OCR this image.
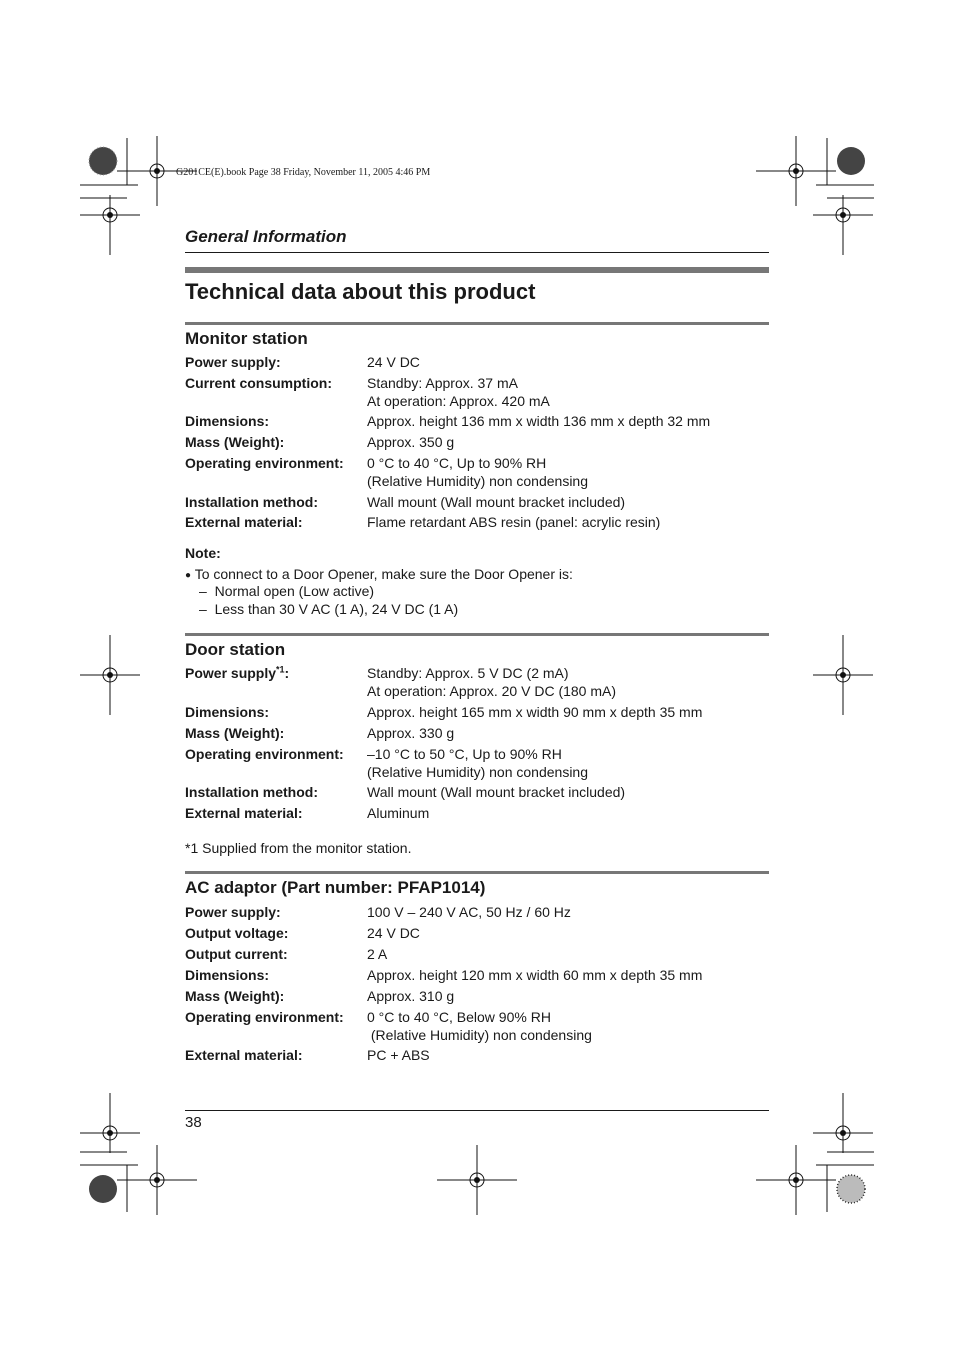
G201CE(E).book Page 38 Friday, November 11, 2005 4:46 PM
General Information
Technical data about this product
Monitor station
Power supply:	24 V DC
Current consumption:	Standby: Approx. 37 mA
At operation: Approx. 420 mA
Dimensions:	Approx. height 136 mm x width 136 mm x depth 32 mm
Mass (Weight):	Approx. 350 g
Operating environment: 0 °C to 40 °C, Up to 90% RH
(Relative Humidity) non condensing
Installation method:	Wall mount (Wall mount bracket included)
External material:	Flame retardant ABS resin (panel: acrylic resin)
Note:
● To connect to a Door Opener, make sure the Door Opener is:
– Normal open (Low active)
– Less than 30 V AC (1 A), 24 V DC (1 A)
Door station
Power supply$^{*1}$:	Standby: Approx. 5 V DC (2 mA)
At operation: Approx. 20 V DC (180 mA)
Dimensions:	Approx. height 165 mm x width 90 mm x depth 35 mm
Mass (Weight):	Approx. 330 g
Operating environment: –10 °C to 50 °C, Up to 90% RH
(Relative Humidity) non condensing
Installation method:	Wall mount (Wall mount bracket included)
External material:	Aluminum
*1 Supplied from the monitor station.
AC adaptor (Part number: PFAP1014)
Power supply:	100 V – 240 V AC, 50 Hz / 60 Hz
Output voltage:	24 V DC
Output current:	2 A
Dimensions:	Approx. height 120 mm x width 60 mm x depth 35 mm
Mass (Weight):	Approx. 310 g
Operating environment: 0 °C to 40 °C, Below 90% RH
(Relative Humidity) non condensing
External material:	PC + ABS
38
